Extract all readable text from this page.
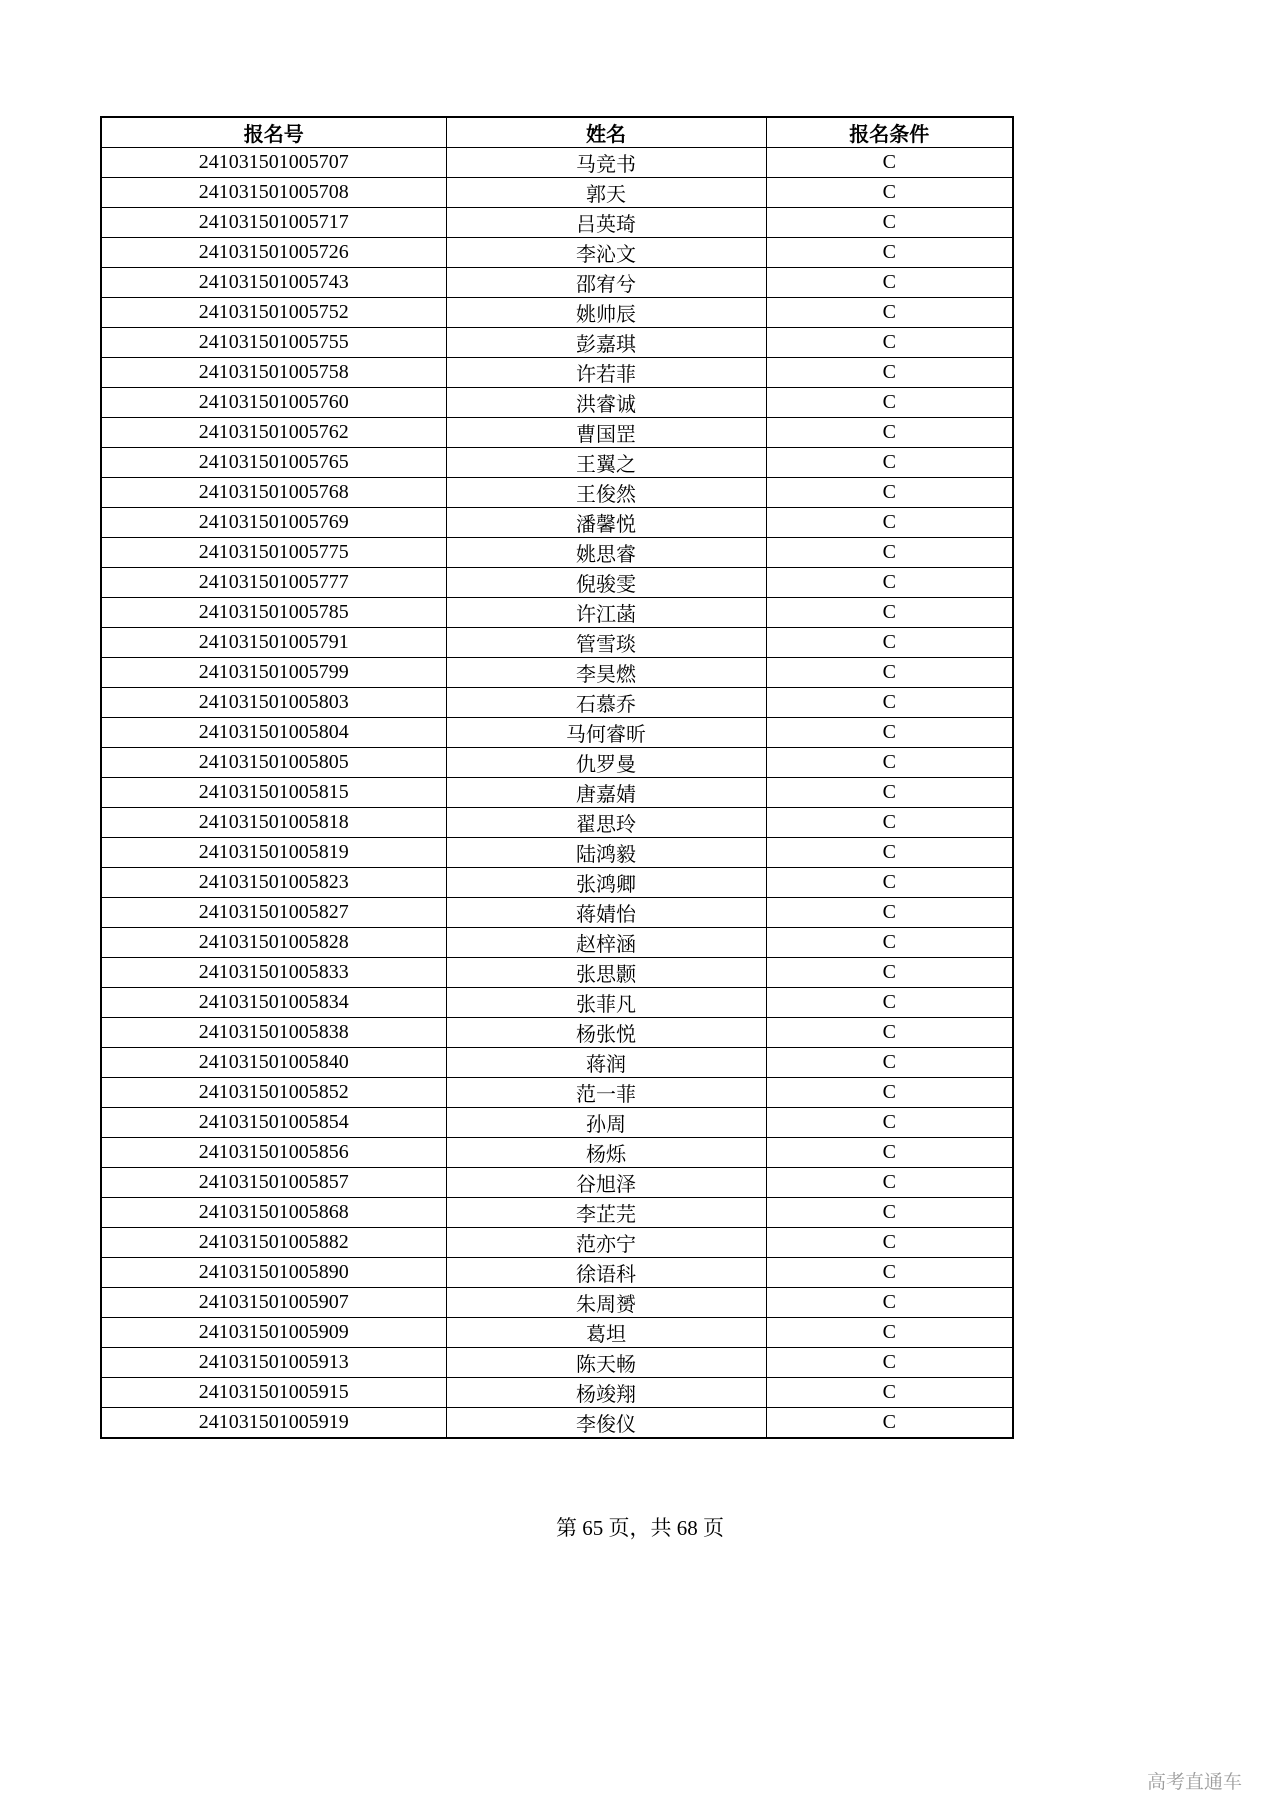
报名号	姓名	报名条件
241031501005707	马竞书	C
241031501005708	郭天	C
241031501005717	吕英琦	C
241031501005726	李沁文	C
241031501005743	邵宥兮	C
241031501005752	姚帅辰	C
241031501005755	彭嘉琪	C
241031501005758	许若菲	C
241031501005760	洪睿诚	C
241031501005762	曹国罡	C
241031501005765	王翼之	C
241031501005768	王俊然	C
241031501005769	潘馨悦	C
241031501005775	姚思睿	C
241031501005777	倪骏雯	C
241031501005785	许江菡	C
241031501005791	管雪琰	C
241031501005799	李昊燃	C
241031501005803	石慕乔	C
241031501005804	马何睿昕	C
241031501005805	仇罗曼	C
241031501005815	唐嘉婧	C
241031501005818	翟思玲	C
241031501005819	陆鸿毅	C
241031501005823	张鸿卿	C
241031501005827	蒋婧怡	C
241031501005828	赵梓涵	C
241031501005833	张思颢	C
241031501005834	张菲凡	C
241031501005838	杨张悦	C
241031501005840	蒋润	C
241031501005852	范一菲	C
241031501005854	孙周	C
241031501005856	杨烁	C
241031501005857	谷旭泽	C
241031501005868	李芷芫	C
241031501005882	范亦宁	C
241031501005890	徐语科	C
241031501005907	朱周赟	C
241031501005909	葛坦	C
241031501005913	陈天畅	C
241031501005915	杨竣翔	C
241031501005919	李俊仪	C
第 65 页，共 68 页
高考直通车
